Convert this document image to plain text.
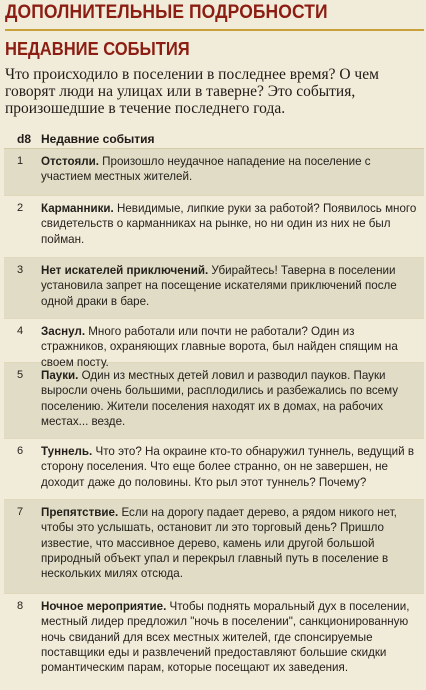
ДОПОЛНИТЕЛЬНЫЕ ПОДРОБНОСТИ
НЕДАВНИЕ СОБЫТИЯ
Что происходило в поселении в последнее время? О чем говорят люди на улицах или в таверне? Это события, произошедшие в течение последнего года.
d8 Недавние события
1	Отстояли. Произошло неудачное нападение на поселение с участием местных жителей.
2	Карманники. Невидимые, липкие руки за работой? Появилось много свидетельств о карманниках на рынке, но ни один из них не был пойман.
3	Нет искателей приключений. Убирайтесь! Таверна в поселении установила запрет на посещение искателями приключений после одной драки в баре.
4	Заснул. Много работали или почти не работали? Один из стражников, охраняющих главные ворота, был найден спящим на своем посту.
5	Пауки. Один из местных детей ловил и разводил пауков. Пауки выросли очень большими, расплодились и разбежались по всему поселению. Жители поселения находят их в домах, на рабочих местах... везде.
6	Туннель. Что это? На окраине кто-то обнаружил туннель, ведущий в сторону поселения. Что еще более странно, он не завершен, не доходит даже до половины. Кто рыл этот туннель? Почему?
7	Препятствие. Если на дорогу падает дерево, а рядом никого нет, чтобы это услышать, остановит ли это торговый день? Пришло известие, что массивное дерево, камень или другой большой природный объект упал и перекрыл главный путь в поселение в нескольких милях отсюда.
8	Ночное мероприятие. Чтобы поднять моральный дух в поселении, местный лидер предложил "ночь в поселении", санкционированную ночь свиданий для всех местных жителей, где спонсируемые поставщики еды и развлечений предоставляют большие скидки романтическим парам, которые посещают их заведения.
